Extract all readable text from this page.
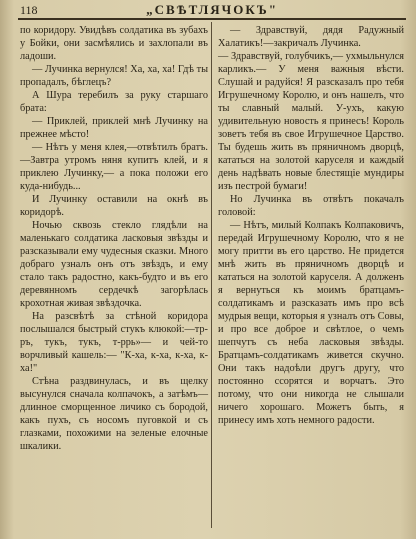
118	„СВѢТЛЯЧОКЪ"

по коридору. Увидѣвъ солдатика въ зубахъ у Бойки, они засмѣялись и захлопали въ ладоши.

— Лучинка вернулся! Ха, ха, ха! Гдѣ ты пропадалъ, бѣглецъ?

А Шура теребилъ за руку старшаго брата:

— Приклей, приклей мнѣ Лучинку на прежнее мѣсто!

— Нѣтъ у меня клея,—отвѣтилъ братъ.—Завтра утромъ няня купитъ клей, и я приклею Лучинку,— а пока положи его куда-нибудь...

И Лучинку оставили на окнѣ въ коридорѣ.

Ночью сквозь стекло глядѣли на маленькаго солдатика ласковыя звѣзды и разсказывали ему чудесныя сказки. Много добраго узналъ онъ отъ звѣздъ, и ему стало такъ радостно, какъ-будто и въ его деревянномъ сердечкѣ загорѣлась крохотная живая звѣздочка.

На разсвѣтѣ за стѣной коридора послышался быстрый стукъ клюкой:—тр-ръ, тукъ, тукъ, т-ррь»— и чей-то ворчливый кашель:— "К-ха, к-ха, к-ха, к-ха!"

Стѣна раздвинулась, и въ щелку высунулся сначала колпачокъ, а затѣмъ—длинное сморщенное личико съ бородой, какъ пухъ, съ носомъ пуговкой и съ глазками, похожими на зеленые елочные шкалики.

— Здравствуй, дядя Радужный Халатикъ!—закричалъ Лучинка.

— Здравствуй, голубчикъ,— ухмыльнулся карликъ.— У меня важныя вѣсти. Слушай и радуйся! Я разсказалъ про тебя Игрушечному Королю, и онъ нашелъ, что ты славный малый. У-ухъ, какую удивительную новость я принесъ! Король зоветъ тебя въ свое Игрушечное Царство. Ты будешь жить въ пряничномъ дворцѣ, кататься на золотой каруселя и каждый день надѣвать новые блестящіе мундиры изъ пестрой бумаги!

Но Лучинка въ отвѣтъ покачалъ головой:

— Нѣтъ, милый Колпакъ Колпаковичъ, передай Игрушечному Королю, что я не могу притти въ его царство. Не придется мнѣ жить въ пряничномъ дворцѣ и кататься на золотой каруселя. А долженъ я вернуться къ моимъ братцамъ-солдатикамъ и разсказать имъ про всѣ мудрыя вещи, которыя я узналъ отъ Совы, и про все доброе и свѣтлое, о чемъ шепчутъ съ неба ласковыя звѣзды. Братцамъ-солдатикамъ живется скучно. Они такъ надоѣли другъ другу, что постоянно ссорятся и ворчатъ. Это потому, что они никогда не слышали ничего хорошаго. Можетъ быть, я принесу имъ хоть немного радости.
